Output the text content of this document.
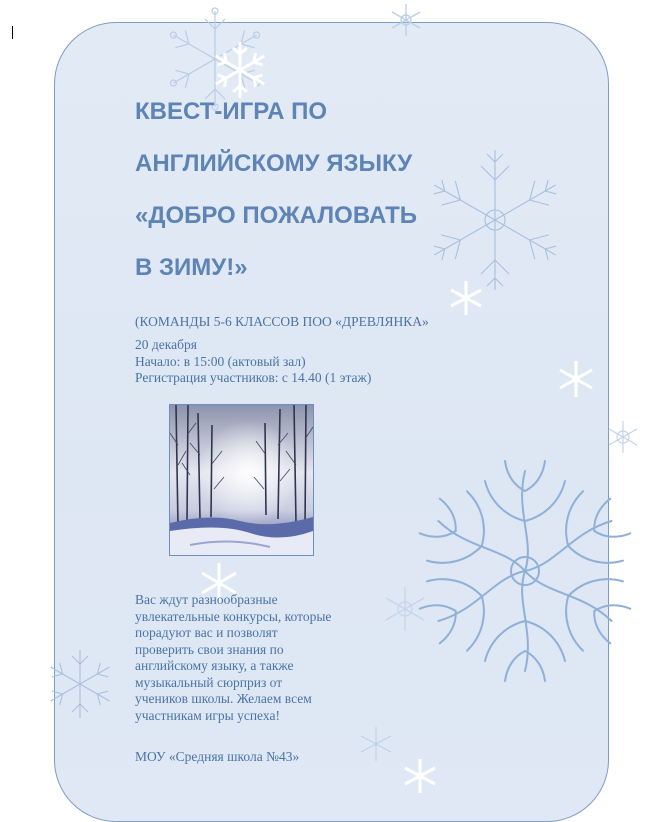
КВЕСТ-ИГРА ПО
АНГЛИЙСКОМУ ЯЗЫКУ
«ДОБРО ПОЖАЛОВАТЬ
В ЗИМУ!»
(КОМАНДЫ 5-6 КЛАССОВ ПОО «ДРЕВЛЯНКА»
20 декабря
Начало: в 15:00 (актовый зал)
Регистрация участников: с 14.40 (1 этаж)
Вас ждут разнообразные
увлекательные конкурсы, которые
порадуют вас и позволят
проверить свои знания по
английскому языку, а также
музыкальный сюрприз от
учеников школы. Желаем всем
участникам игры успеха!
МОУ «Средняя школа №43»
